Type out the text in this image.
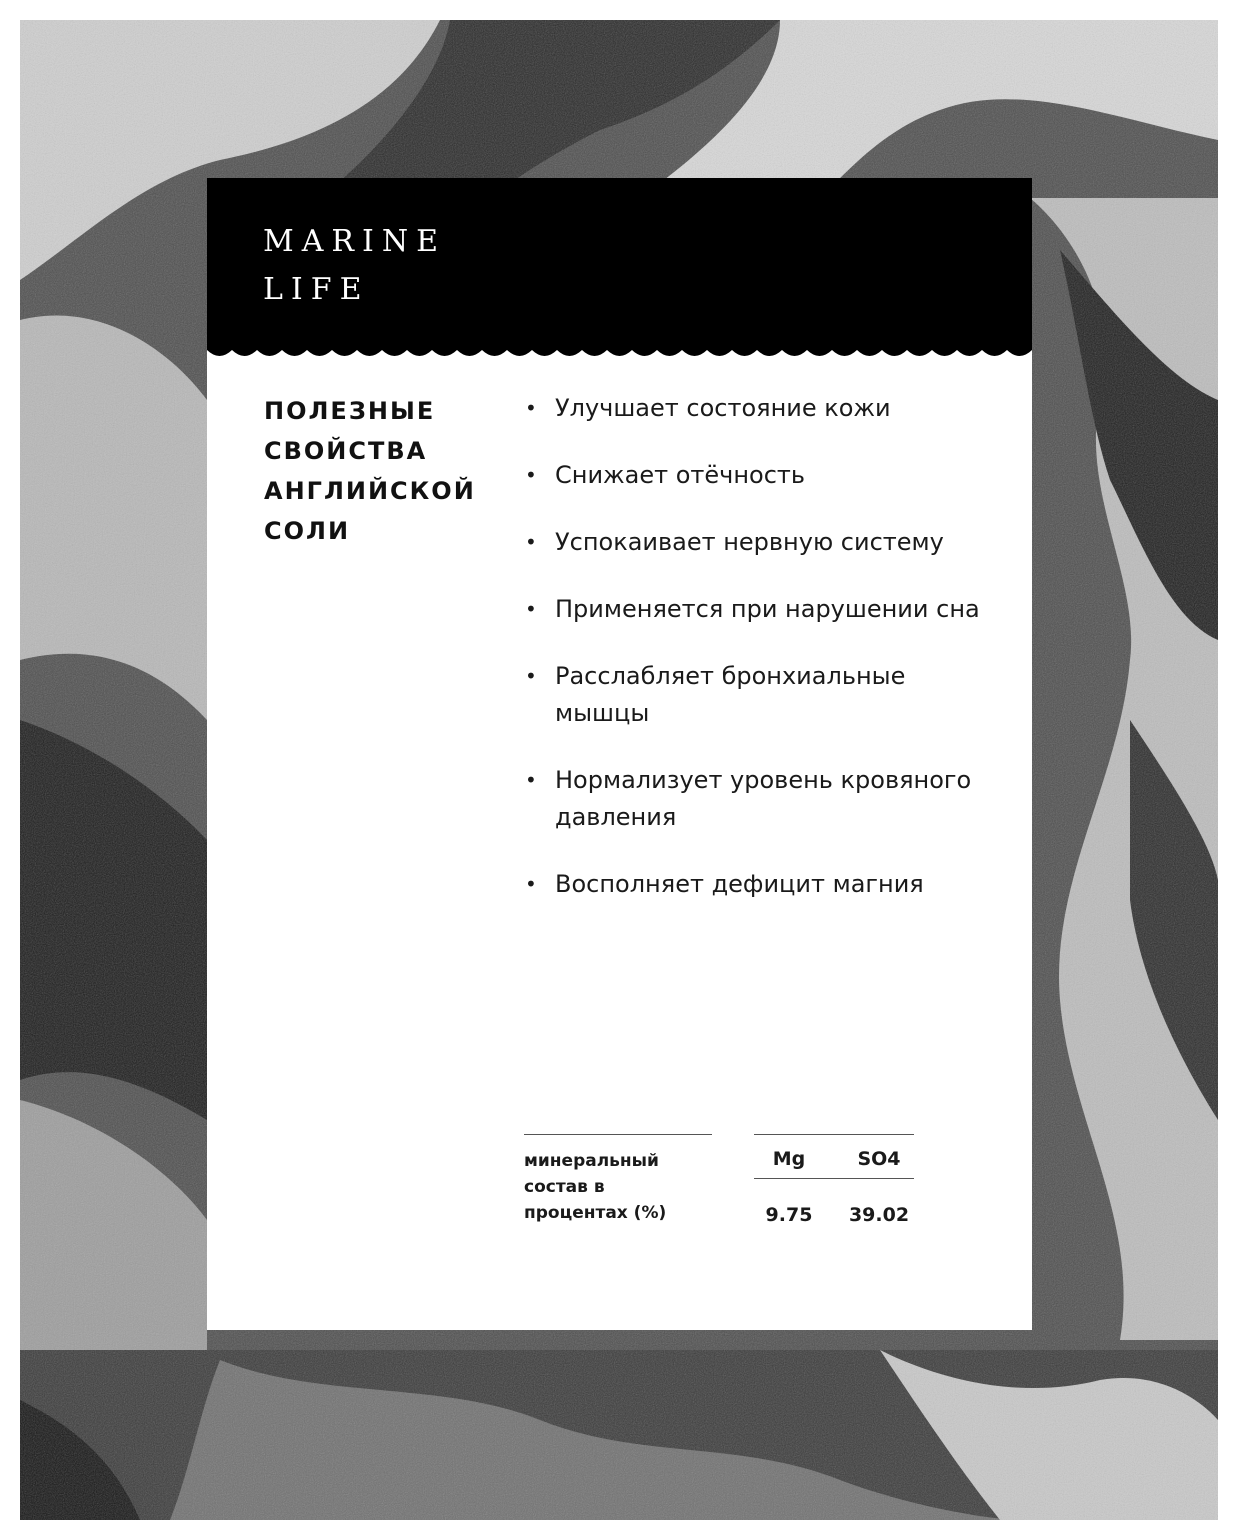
MARINE
LIFE
ПОЛЕЗНЫЕ
СВОЙСТВА
АНГЛИЙСКОЙ
СОЛИ
• Улучшает состояние кожи
• Снижает отёчность
• Успокаивает нервную систему
• Применяется при нарушении сна
• Расслабляет бронхиальные мышцы
• Нормализует уровень кровяного давления
• Восполняет дефицит магния
минеральный состав в процентах (%)
Mg	SO4
9.75	39.02
